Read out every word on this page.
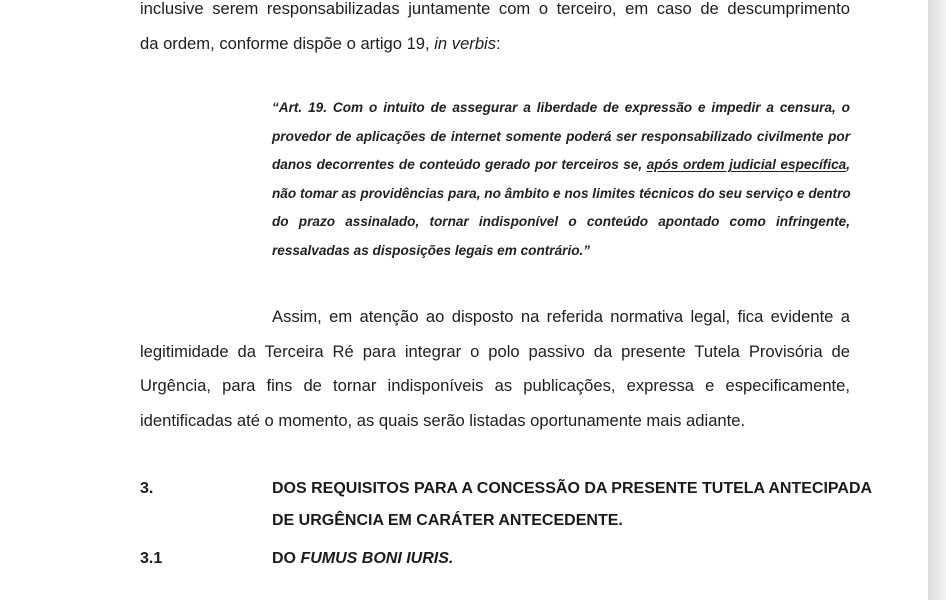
inclusive serem responsabilizadas juntamente com o terceiro, em caso de descumprimento
da ordem, conforme dispõe o artigo 19, in verbis:
“Art. 19. Com o intuito de assegurar a liberdade de expressão e impedir a censura, o
provedor de aplicações de internet somente poderá ser responsabilizado civilmente por
danos decorrentes de conteúdo gerado por terceiros se, após ordem judicial específica,
não tomar as providências para, no âmbito e nos limites técnicos do seu serviço e dentro
do prazo assinalado, tornar indisponível o conteúdo apontado como infringente,
ressalvadas as disposições legais em contrário.”
Assim, em atenção ao disposto na referida normativa legal, fica evidente a
legitimidade da Terceira Ré para integrar o polo passivo da presente Tutela Provisória de
Urgência, para fins de tornar indisponíveis as publicações, expressa e especificamente,
identificadas até o momento, as quais serão listadas oportunamente mais adiante.
3.	DOS REQUISITOS PARA A CONCESSÃO DA PRESENTE TUTELA ANTECIPADA
DE URGÊNCIA EM CARÁTER ANTECEDENTE.
3.1	DO FUMUS BONI IURIS.
